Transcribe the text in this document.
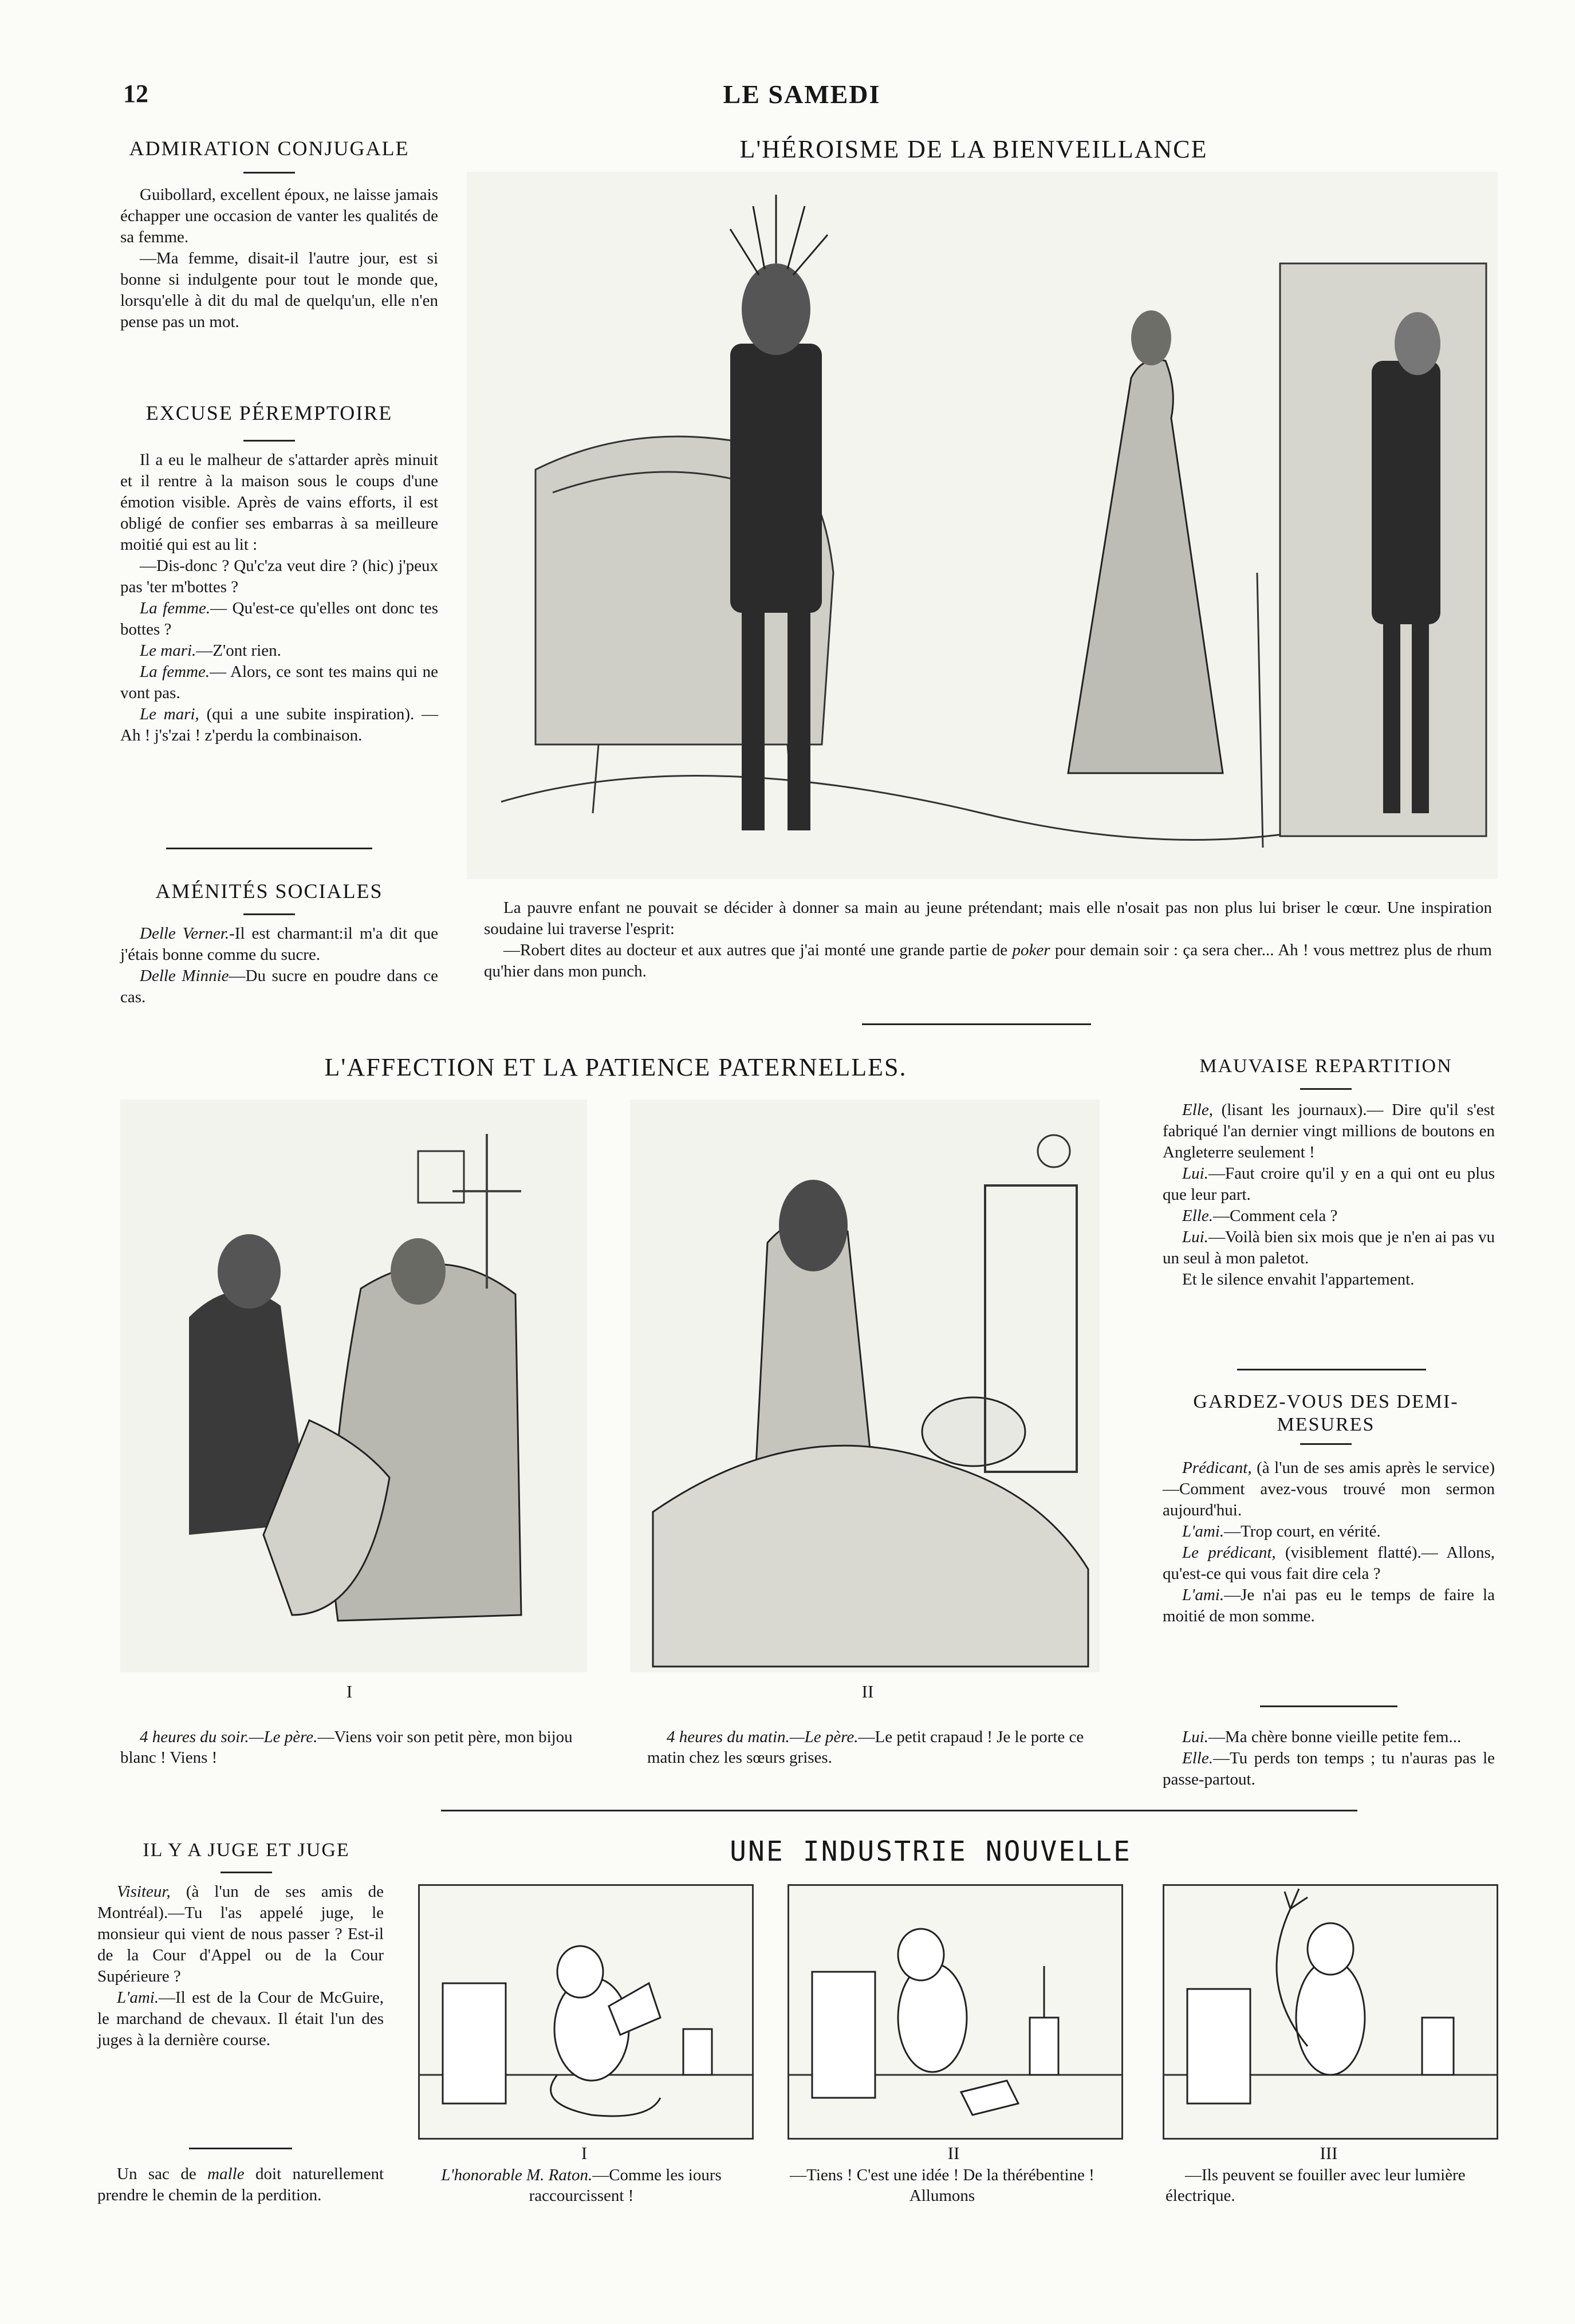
12	LE SAMEDI
ADMIRATION CONJUGALE

Guibollard, excellent époux, ne laisse jamais échapper une occasion de vanter les qualités de sa femme.

—Ma femme, disait-il l'autre jour, est si bonne si indulgente pour tout le monde que, lorsqu'elle à dit du mal de quelqu'un, elle n'en pense pas un mot.

EXCUSE PÉREMPTOIRE

Il a eu le malheur de s'attarder après minuit et il rentre à la maison sous le coups d'une émotion visible. Après de vains efforts, il est obligé de confier ses embarras à sa meilleure moitié qui est au lit :

—Dis-donc ? Qu'c'za veut dire ? (hic) j'peux pas 'ter m'bottes ?

La femme.— Qu'est-ce qu'elles ont donc tes bottes ?

Le mari.—Z'ont rien.

La femme.— Alors, ce sont tes mains qui ne vont pas.

Le mari, (qui a une subite inspiration). — Ah ! j's'zai ! z'perdu la combinaison.

AMÉNITÉS SOCIALES

Delle Verner.-Il est charmant:il m'a dit que j'étais bonne comme du sucre.

Delle Minnie—Du sucre en poudre dans ce cas.

L'HÉROISME DE LA BIENVEILLANCE

La pauvre enfant ne pouvait se décider à donner sa main au jeune prétendant; mais elle n'osait pas non plus lui briser le cœur. Une inspiration soudaine lui traverse l'esprit:

—Robert dites au docteur et aux autres que j'ai monté une grande partie de poker pour demain soir : ça sera cher... Ah ! vous mettrez plus de rhum qu'hier dans mon punch.

L'AFFECTION ET LA PATIENCE PATERNELLES.
I	II
4 heures du soir.—Le père.—Viens voir son petit père, mon bijou blanc ! Viens !
4 heures du matin.—Le père.—Le petit crapaud ! Je le porte ce matin chez les sœurs grises.
MAUVAISE REPARTITION

Elle, (lisant les journaux).— Dire qu'il s'est fabriqué l'an dernier vingt millions de boutons en Angleterre seulement !

Lui.—Faut croire qu'il y en a qui ont eu plus que leur part.

Elle.—Comment cela ?

Lui.—Voilà bien six mois que je n'en ai pas vu un seul à mon paletot.

Et le silence envahit l'appartement.

GARDEZ-VOUS DES DEMI-
MESURES

Prédicant, (à l'un de ses amis après le service)—Comment avez-vous trouvé mon sermon aujourd'hui.

L'ami.—Trop court, en vérité.

Le prédicant, (visiblement flatté).— Allons, qu'est-ce qui vous fait dire cela ?

L'ami.—Je n'ai pas eu le temps de faire la moitié de mon somme.

Lui.—Ma chère bonne vieille petite fem...

Elle.—Tu perds ton temps ; tu n'auras pas le passe-partout.

IL Y A JUGE ET JUGE

Visiteur, (à l'un de ses amis de Montréal).—Tu l'as appelé juge, le monsieur qui vient de nous passer ? Est-il de la Cour d'Appel ou de la Cour Supérieure ?

L'ami.—Il est de la Cour de McGuire, le marchand de chevaux. Il était l'un des juges à la dernière course.

Un sac de malle doit naturellement prendre le chemin de la perdition.

UNE INDUSTRIE NOUVELLE
I	II	III
L'honorable M. Raton.—Comme les iours raccourcissent !
—Tiens ! C'est une idée ! De la thérébentine ! Allumons
—Ils peuvent se fouiller avec leur lumière électrique.
